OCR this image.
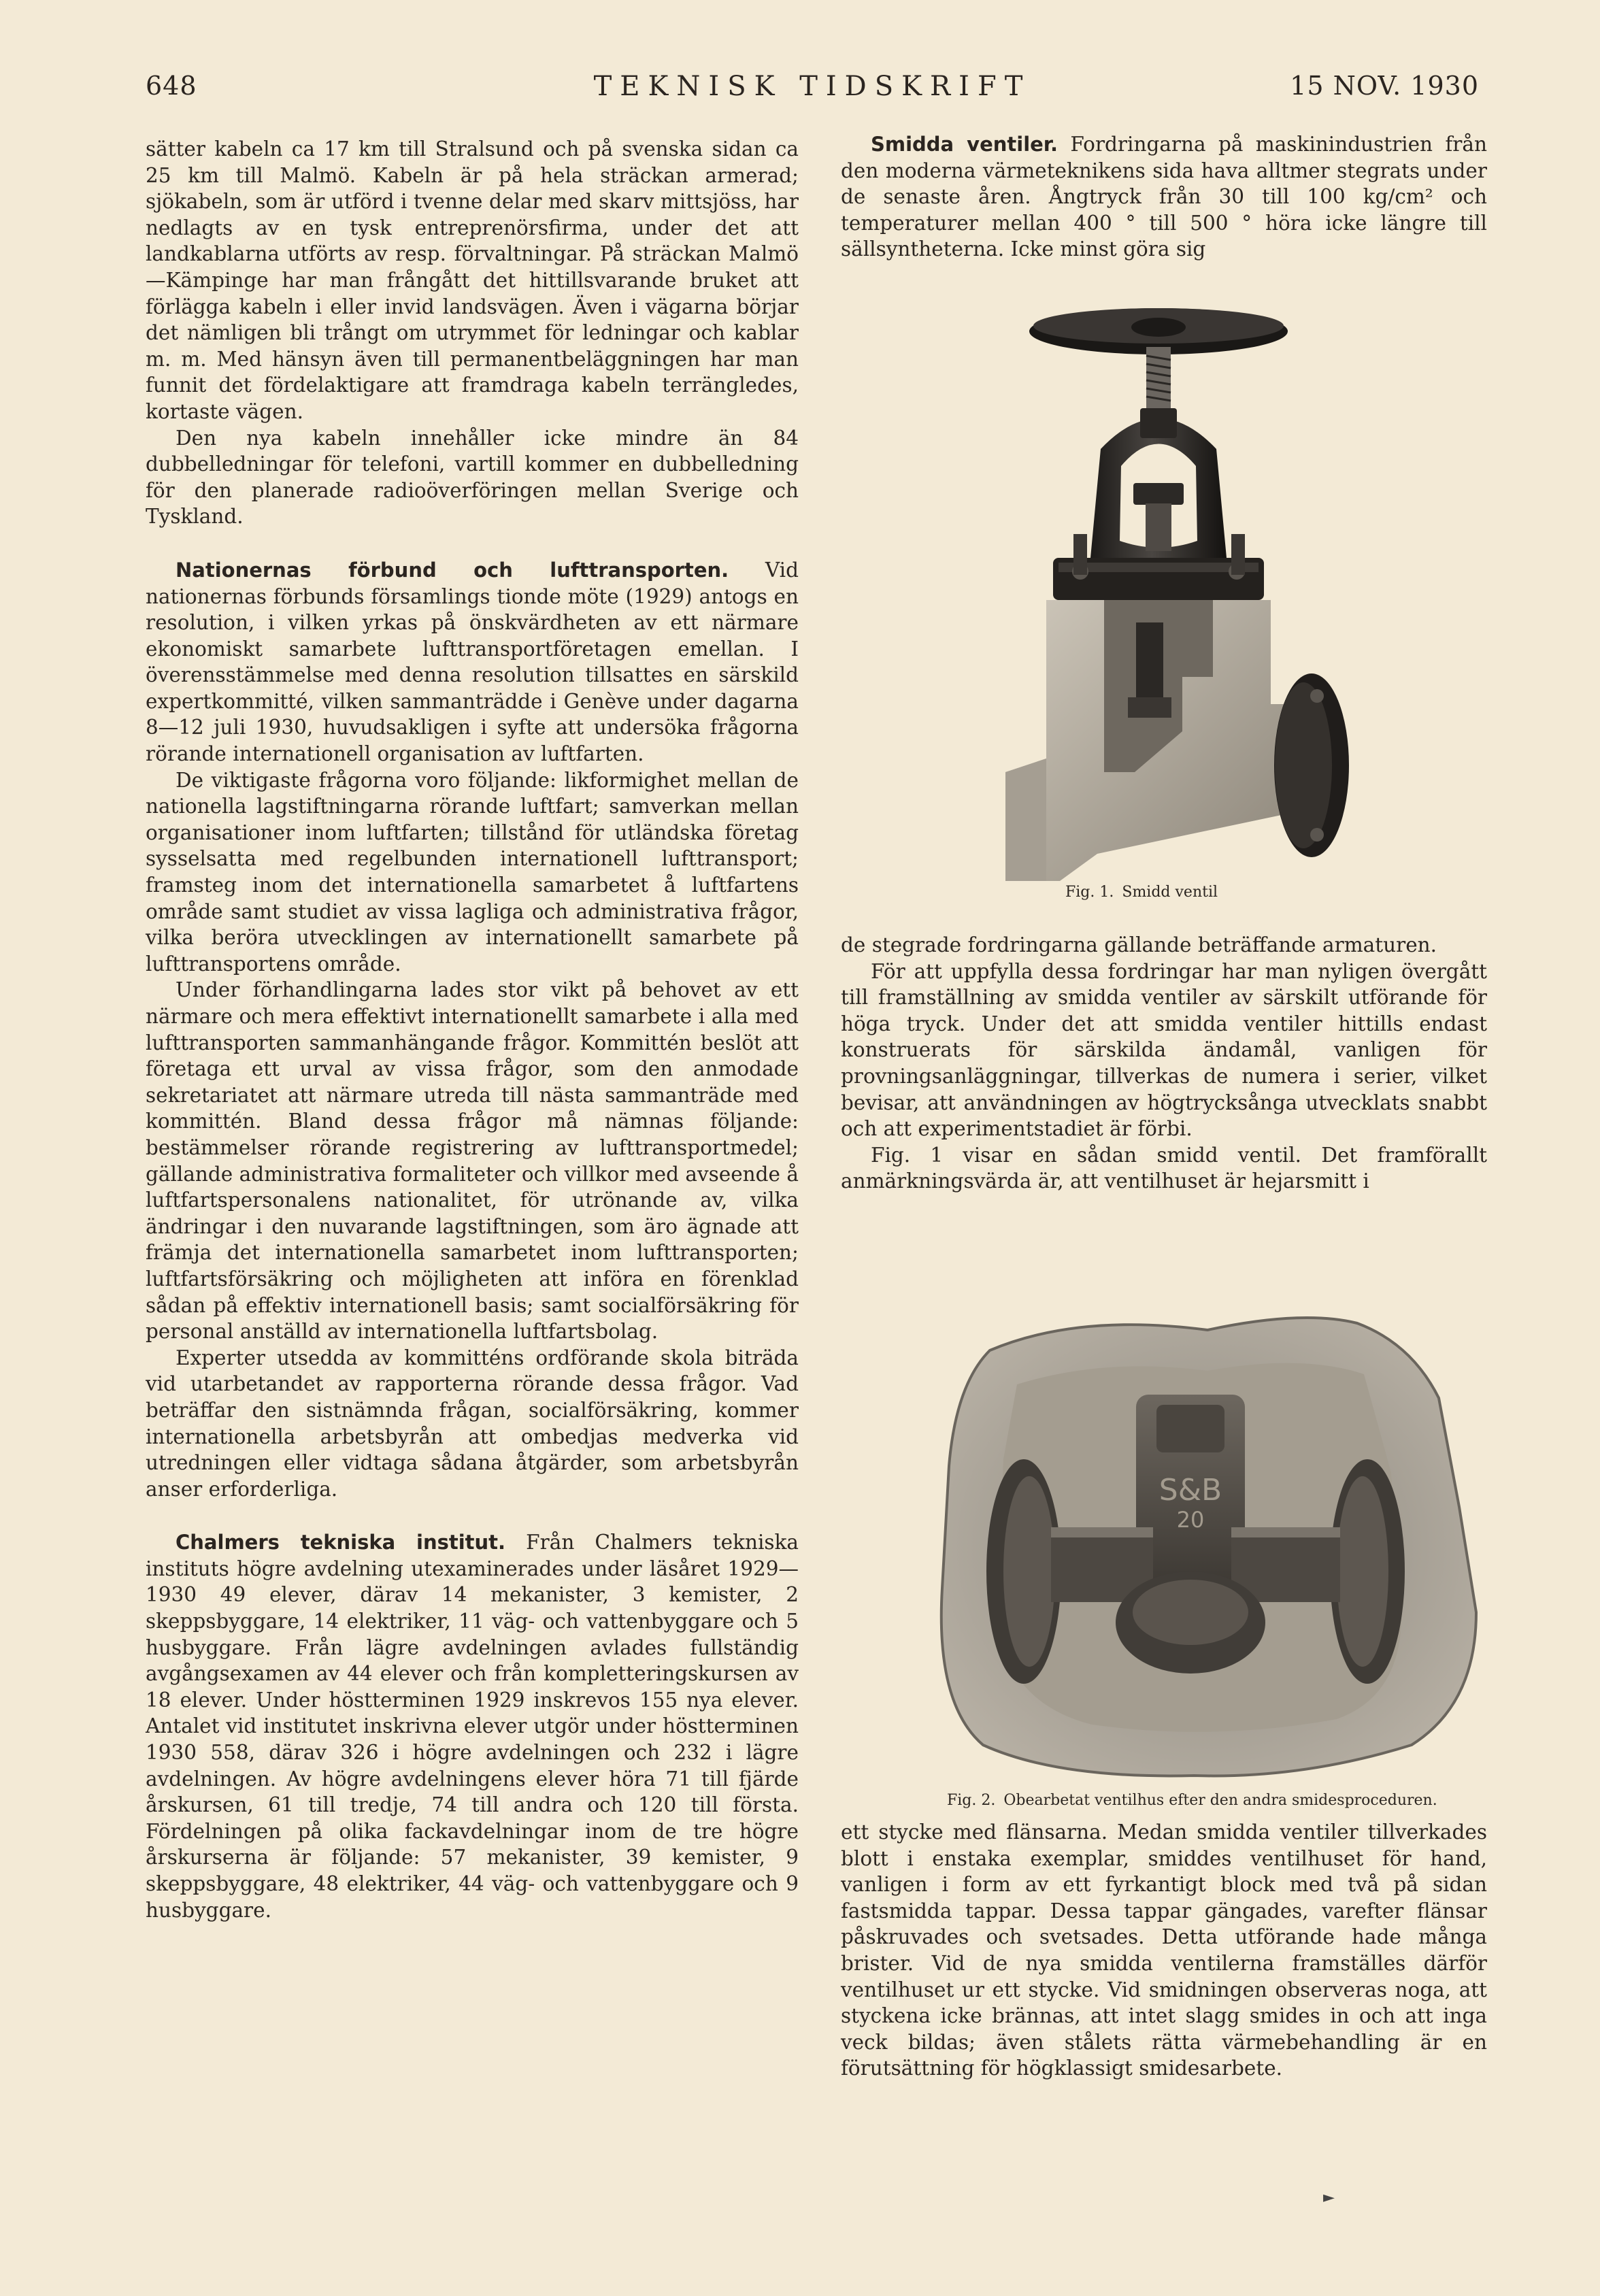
648	TEKNISK TIDSKRIFT	15 NOV. 1930

sätter kabeln ca 17 km till Stralsund och på svenska sidan ca 25 km till Malmö. Kabeln är på hela sträckan armerad; sjökabeln, som är utförd i tvenne delar med skarv mittsjöss, har nedlagts av en tysk entreprenörsfirma, under det att landkablarna utförts av resp. förvaltningar. På sträckan Malmö—Kämpinge har man frångått det hittillsvarande bruket att förlägga kabeln i eller invid landsvägen. Även i vägarna börjar det nämligen bli trångt om utrymmet för ledningar och kablar m. m. Med hänsyn även till permanentbeläggningen har man funnit det fördelaktigare att framdraga kabeln terrängledes, kortaste vägen.

Den nya kabeln innehåller icke mindre än 84 dubbelledningar för telefoni, vartill kommer en dubbelledning för den planerade radioöverföringen mellan Sverige och Tyskland.

Nationernas förbund och lufttransporten. Vid nationernas förbunds församlings tionde möte (1929) antogs en resolution, i vilken yrkas på önskvärdheten av ett närmare ekonomiskt samarbete lufttransportföretagen emellan. I överensstämmelse med denna resolution tillsattes en särskild expertkommitté, vilken sammanträdde i Genève under dagarna 8—12 juli 1930, huvudsakligen i syfte att undersöka frågorna rörande internationell organisation av luftfarten.

De viktigaste frågorna voro följande: likformighet mellan de nationella lagstiftningarna rörande luftfart; samverkan mellan organisationer inom luftfarten; tillstånd för utländska företag sysselsatta med regelbunden internationell lufttransport; framsteg inom det internationella samarbetet å luftfartens område samt studiet av vissa lagliga och administrativa frågor, vilka beröra utvecklingen av internationellt samarbete på lufttransportens område.

Under förhandlingarna lades stor vikt på behovet av ett närmare och mera effektivt internationellt samarbete i alla med lufttransporten sammanhängande frågor. Kommittén beslöt att företaga ett urval av vissa frågor, som den anmodade sekretariatet att närmare utreda till nästa sammanträde med kommittén. Bland dessa frågor må nämnas följande: bestämmelser rörande registrering av lufttransportmedel; gällande administrativa formaliteter och villkor med avseende å luftfartspersonalens nationalitet, för utrönande av, vilka ändringar i den nuvarande lagstiftningen, som äro ägnade att främja det internationella samarbetet inom lufttransporten; luftfartsförsäkring och möjligheten att införa en förenklad sådan på effektiv internationell basis; samt socialförsäkring för personal anställd av internationella luftfartsbolag.

Experter utsedda av kommitténs ordförande skola biträda vid utarbetandet av rapporterna rörande dessa frågor. Vad beträffar den sistnämnda frågan, socialförsäkring, kommer internationella arbetsbyrån att ombedjas medverka vid utredningen eller vidtaga sådana åtgärder, som arbetsbyrån anser erforderliga.

Chalmers tekniska institut. Från Chalmers tekniska instituts högre avdelning utexaminerades under läsåret 1929—1930 49 elever, därav 14 mekanister, 3 kemister, 2 skeppsbyggare, 14 elektriker, 11 väg- och vattenbyggare och 5 husbyggare. Från lägre avdelningen avlades fullständig avgångsexamen av 44 elever och från kompletteringskursen av 18 elever. Under höstterminen 1929 inskrevos 155 nya elever. Antalet vid institutet inskrivna elever utgör under höstterminen 1930 558, därav 326 i högre avdelningen och 232 i lägre avdelningen. Av högre avdelningens elever höra 71 till fjärde årskursen, 61 till tredje, 74 till andra och 120 till första. Fördelningen på olika fackavdelningar inom de tre högre årskurserna är följande: 57 mekanister, 39 kemister, 9 skeppsbyggare, 48 elektriker, 44 väg- och vattenbyggare och 9 husbyggare.

Smidda ventiler. Fordringarna på maskinindustrien från den moderna värmeteknikens sida hava alltmer stegrats under de senaste åren. Ångtryck från 30 till 100 kg/cm² och temperaturer mellan 400 ° till 500 ° höra icke längre till sällsyntheterna. Icke minst göra sig

Fig. 1. Smidd ventil

de stegrade fordringarna gällande beträffande armaturen.

För att uppfylla dessa fordringar har man nyligen övergått till framställning av smidda ventiler av särskilt utförande för höga tryck. Under det att smidda ventiler hittills endast konstruerats för särskilda ändamål, vanligen för provningsanläggningar, tillverkas de numera i serier, vilket bevisar, att användningen av högtrycksånga utvecklats snabbt och att experimentstadiet är förbi.

Fig. 1 visar en sådan smidd ventil. Det framförallt anmärkningsvärda är, att ventilhuset är hejarsmitt i

S&B
20
Fig. 2. Obearbetat ventilhus efter den andra smidesproceduren.

ett stycke med flänsarna. Medan smidda ventiler tillverkades blott i enstaka exemplar, smiddes ventilhuset för hand, vanligen i form av ett fyrkantigt block med två på sidan fastsmidda tappar. Dessa tappar gängades, varefter flänsar påskruvades och svetsades. Detta utförande hade många brister. Vid de nya smidda ventilerna framställes därför ventilhuset ur ett stycke. Vid smidningen observeras noga, att styckena icke brännas, att intet slagg smides in och att inga veck bildas; även stålets rätta värmebehandling är en förutsättning för högklassigt smidesarbete.

►
